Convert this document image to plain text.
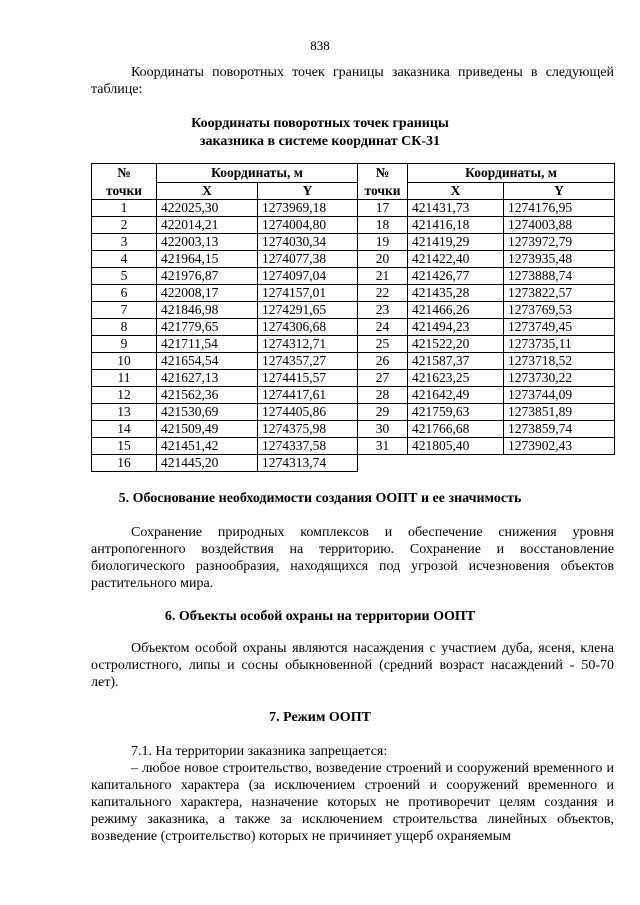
838
Координаты поворотных точек границы заказника приведены в следующей таблице:
Координаты поворотных точек границы
заказника в системе координат СК-31
№	Координаты, м		№	Координаты, м	
точки	X	Y	точки	X	Y
1	422025,30	1273969,18	17	421431,73	1274176,95
2	422014,21	1274004,80	18	421416,18	1274003,88
3	422003,13	1274030,34	19	421419,29	1273972,79
4	421964,15	1274077,38	20	421422,40	1273935,48
5	421976,87	1274097,04	21	421426,77	1273888,74
6	422008,17	1274157,01	22	421435,28	1273822,57
7	421846,98	1274291,65	23	421466,26	1273769,53
8	421779,65	1274306,68	24	421494,23	1273749,45
9	421711,54	1274312,71	25	421522,20	1273735,11
10	421654,54	1274357,27	26	421587,37	1273718,52
11	421627,13	1274415,57	27	421623,25	1273730,22
12	421562,36	1274417,61	28	421642,49	1273744,09
13	421530,69	1274405,86	29	421759,63	1273851,89
14	421509,49	1274375,98	30	421766,68	1273859,74
15	421451,42	1274337,58	31	421805,40	1273902,43
16	421445,20	1274313,74			
5. Обоснование необходимости создания ООПТ и ее значимость
Сохранение природных комплексов и обеспечение снижения уровня антропогенного воздействия на территорию. Сохранение и восстановление биологического разнообразия, находящихся под угрозой исчезновения объектов растительного мира.
6. Объекты особой охраны на территории ООПТ
Объектом особой охраны являются насаждения с участием дуба, ясеня, клена остролистного, липы и сосны обыкновенной (средний возраст насаждений - 50-70 лет).
7. Режим ООПТ
7.1. На территории заказника запрещается:
– любое новое строительство, возведение строений и сооружений временного и капитального характера (за исключением строений и сооружений временного и капитального характера, назначение которых не противоречит целям создания и режиму заказника, а также за исключением строительства линейных объектов, возведение (строительство) которых не причиняет ущерб охраняемым
